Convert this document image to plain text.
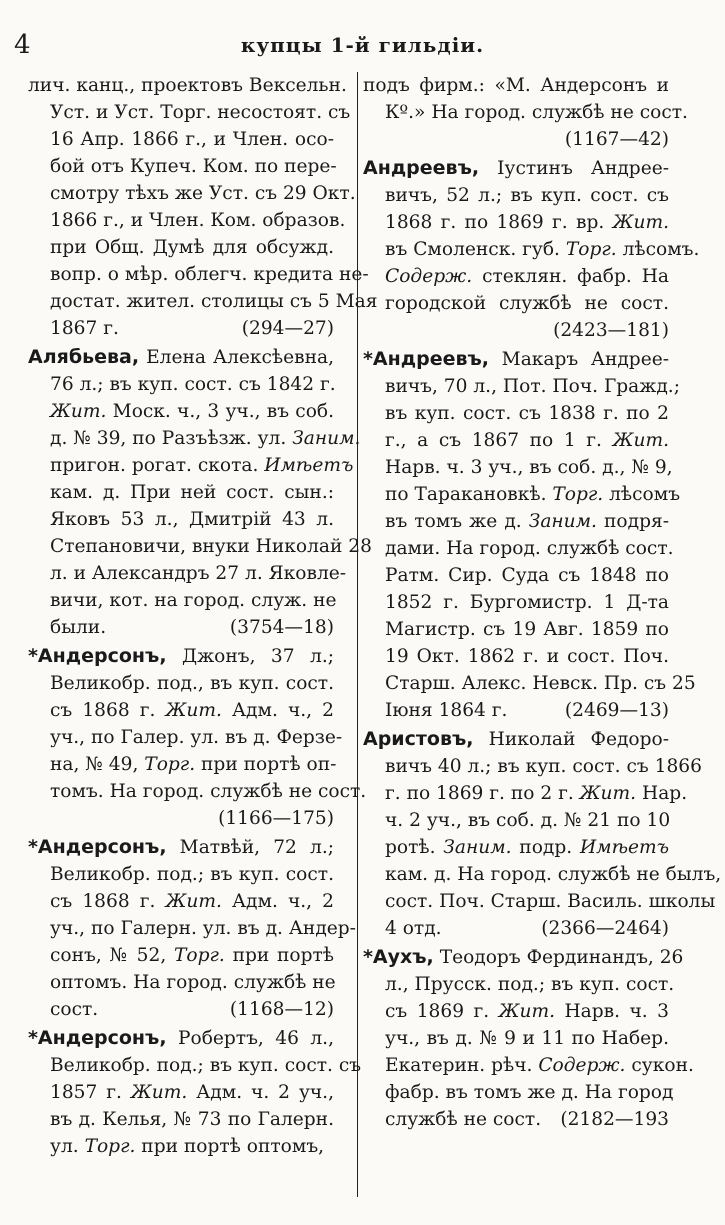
4	купцы 1-й гильдіи.
лич. канц., проектовъ Вексельн.
Уст. и Уст. Торг. несостоят. съ
16 Апр. 1866 г., и Член. осо-
бой отъ Купеч. Ком. по пере-
смотру тѣхъ же Уст. съ 29 Окт.
1866 г., и Член. Ком. образов.
при Общ. Думѣ для обсужд.
вопр. о мѣр. облегч. кредита не-
достат. жител. столицы съ 5 Мая
1867 г.	(294—27)
Алябьева, Елена Алексѣевна,
76 л.; въ куп. сост. съ 1842 г.
Жит. Моск. ч., 3 уч., въ соб.
д. № 39, по Разъѣзж. ул. Заним.
пригон. рогат. скота. Имѣетъ
кам. д. При ней сост. сын.:
Яковъ 53 л., Дмитрій 43 л.
Степановичи, внуки Николай 28
л. и Александръ 27 л. Яковле-
вичи, кот. на город. служ. не
были.	(3754—18)
*Андерсонъ, Джонъ, 37 л.;
Великобр. под., въ куп. сост.
съ 1868 г. Жит. Адм. ч., 2
уч., по Галер. ул. въ д. Ферзе-
на, № 49, Торг. при портѣ оп-
томъ. На город. службѣ не сост.
(1166—175)
*Андерсонъ, Матвѣй, 72 л.;
Великобр. под.; въ куп. сост.
съ 1868 г. Жит. Адм. ч., 2
уч., по Галерн. ул. въ д. Андер-
сонъ, № 52, Торг. при портѣ
оптомъ. На город. службѣ не
сост.	(1168—12)
*Андерсонъ, Робертъ, 46 л.,
Великобр. под.; въ куп. сост. съ
1857 г. Жит. Адм. ч. 2 уч.,
въ д. Келья, № 73 по Галерн.
ул. Торг. при портѣ оптомъ,
подъ фирм.: «М. Андерсонъ и
Кº.» На город. службѣ не сост.
(1167—42)
Андреевъ, Іустинъ Андрее-
вичъ, 52 л.; въ куп. сост. съ
1868 г. по 1869 г. вр. Жит.
въ Смоленск. губ. Торг. лѣсомъ.
Содерж. стеклян. фабр. На
городской службѣ не сост.
(2423—181)
*Андреевъ, Макаръ Андрее-
вичъ, 70 л., Пот. Поч. Гражд.;
въ куп. сост. съ 1838 г. по 2
г., а съ 1867 по 1 г. Жит.
Нарв. ч. 3 уч., въ соб. д., № 9,
по Таракановкѣ. Торг. лѣсомъ
въ томъ же д. Заним. подря-
дами. На город. службѣ сост.
Ратм. Сир. Суда съ 1848 по
1852 г. Бургомистр. 1 Д-та
Магистр. съ 19 Авг. 1859 по
19 Окт. 1862 г. и сост. Поч.
Старш. Алекс. Невск. Пр. съ 25
Іюня 1864 г.	(2469—13)
Аристовъ, Николай Федоро-
вичъ 40 л.; въ куп. сост. съ 1866
г. по 1869 г. по 2 г. Жит. Нар.
ч. 2 уч., въ соб. д. № 21 по 10
ротѣ. Заним. подр. Имѣетъ
кам. д. На город. службѣ не былъ,
сост. Поч. Старш. Василь. школы
4 отд.	(2366—2464)
*Аухъ, Теодоръ Фердинандъ, 26
л., Прусск. под.; въ куп. сост.
съ 1869 г. Жит. Нарв. ч. 3
уч., въ д. № 9 и 11 по Набер.
Екатерин. рѣч. Содерж. сукон.
фабр. въ томъ же д. На город
службѣ не сост. (2182—193
